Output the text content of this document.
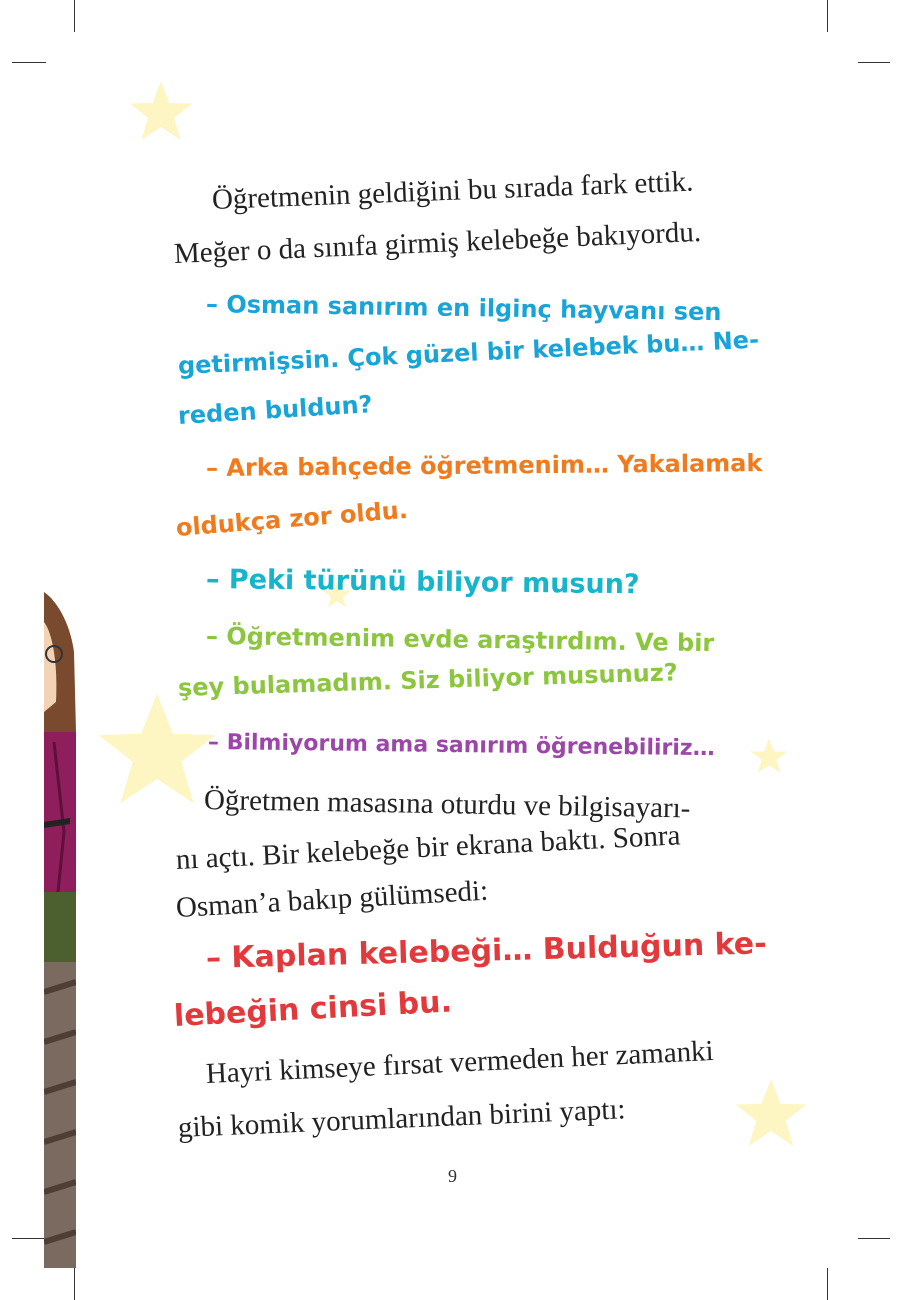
Öğretmenin geldiğini bu sırada fark ettik.
Meğer o da sınıfa girmiş kelebeğe bakıyordu.
– Osman sanırım en ilginç hayvanı sen
getirmişsin. Çok güzel bir kelebek bu… Ne-
reden buldun?
– Arka bahçede öğretmenim… Yakalamak
oldukça zor oldu.
– Peki türünü biliyor musun?
– Öğretmenim evde araştırdım. Ve bir
şey bulamadım. Siz biliyor musunuz?
– Bilmiyorum ama sanırım öğrenebiliriz…
Öğretmen masasına oturdu ve bilgisayarı-
nı açtı. Bir kelebeğe bir ekrana baktı. Sonra
Osman’a bakıp gülümsedi:
– Kaplan kelebeği… Bulduğun ke-
lebeğin cinsi bu.
Hayri kimseye fırsat vermeden her zamanki
gibi komik yorumlarından birini yaptı:
9
